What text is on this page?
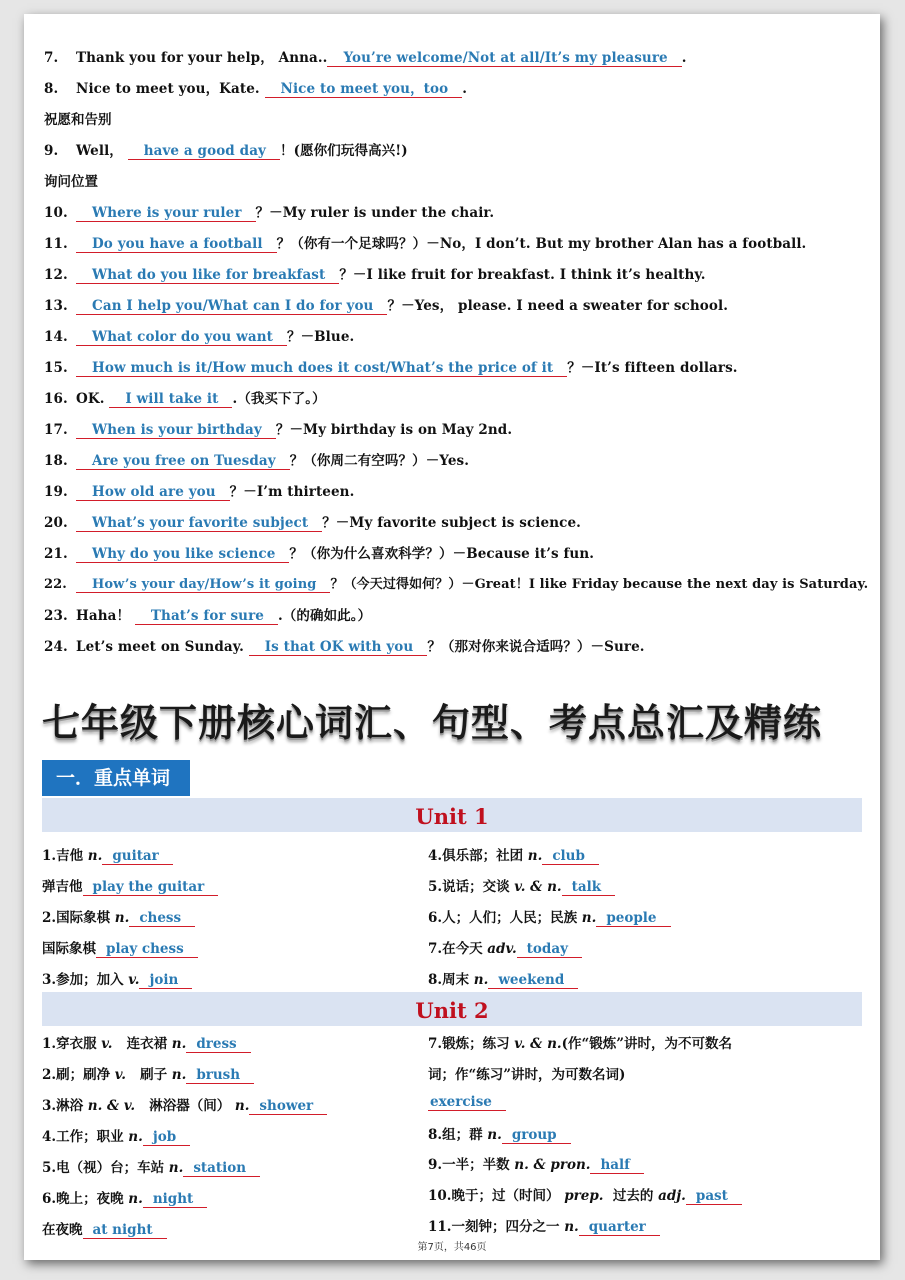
7. Thank you for your help， Anna.. You’re welcome/Not at all/It’s my pleasure .
8. Nice to meet you，Kate. Nice to meet you，too .
祝愿和告别
9. Well， have a good day ！(愿你们玩得高兴!)
询问位置
10. Where is your ruler ？－My ruler is under the chair.
11. Do you have a football ？（你有一个足球吗？）－No，I don’t. But my brother Alan has a football.
12. What do you like for breakfast ？－I like fruit for breakfast. I think it’s healthy.
13. Can I help you/What can I do for you ？－Yes， please. I need a sweater for school.
14. What color do you want ？－Blue.
15. How much is it/How much does it cost/What’s the price of it ？－It’s fifteen dollars.
16. OK. I will take it .（我买下了。）
17. When is your birthday ？－My birthday is on May 2nd.
18. Are you free on Tuesday ？（你周二有空吗？）－Yes.
19. How old are you ？－I’m thirteen.
20. What’s your favorite subject ？－My favorite subject is science.
21. Why do you like science ？（你为什么喜欢科学？）－Because it’s fun.
22. How’s your day/How’s it going ？（今天过得如何？）－Great！I like Friday because the next day is Saturday.
23. Haha！ That’s for sure .（的确如此。）
24. Let’s meet on Sunday. Is that OK with you ？（那对你来说合适吗？）－Sure.
七年级下册核心词汇、句型、考点总汇及精练
一．重点单词
Unit 1
1.吉他 n. guitar
弹吉他 play the guitar
2.国际象棋 n. chess
国际象棋 play chess
3.参加；加入 v. join
4.俱乐部；社团 n. club
5.说话；交谈 v. & n. talk
6.人；人们；人民；民族 n. people
7.在今天 adv. today
8.周末 n. weekend
Unit 2
1.穿衣服 v. 连衣裙 n. dress
2.刷；刷净 v. 刷子 n. brush
3.淋浴 n. & v. 淋浴器（间） n. shower
4.工作；职业 n. job
5.电（视）台；车站 n. station
6.晚上；夜晚 n. night
在夜晚 at night
7.锻炼；练习 v. & n.(作“锻炼”讲时，为不可数名
词；作“练习”讲时，为可数名词)
exercise
8.组；群 n. group
9.一半；半数 n. & pron. half
10.晚于；过（时间） prep. 过去的 adj. past
11.一刻钟；四分之一 n. quarter
第7页，共46页
